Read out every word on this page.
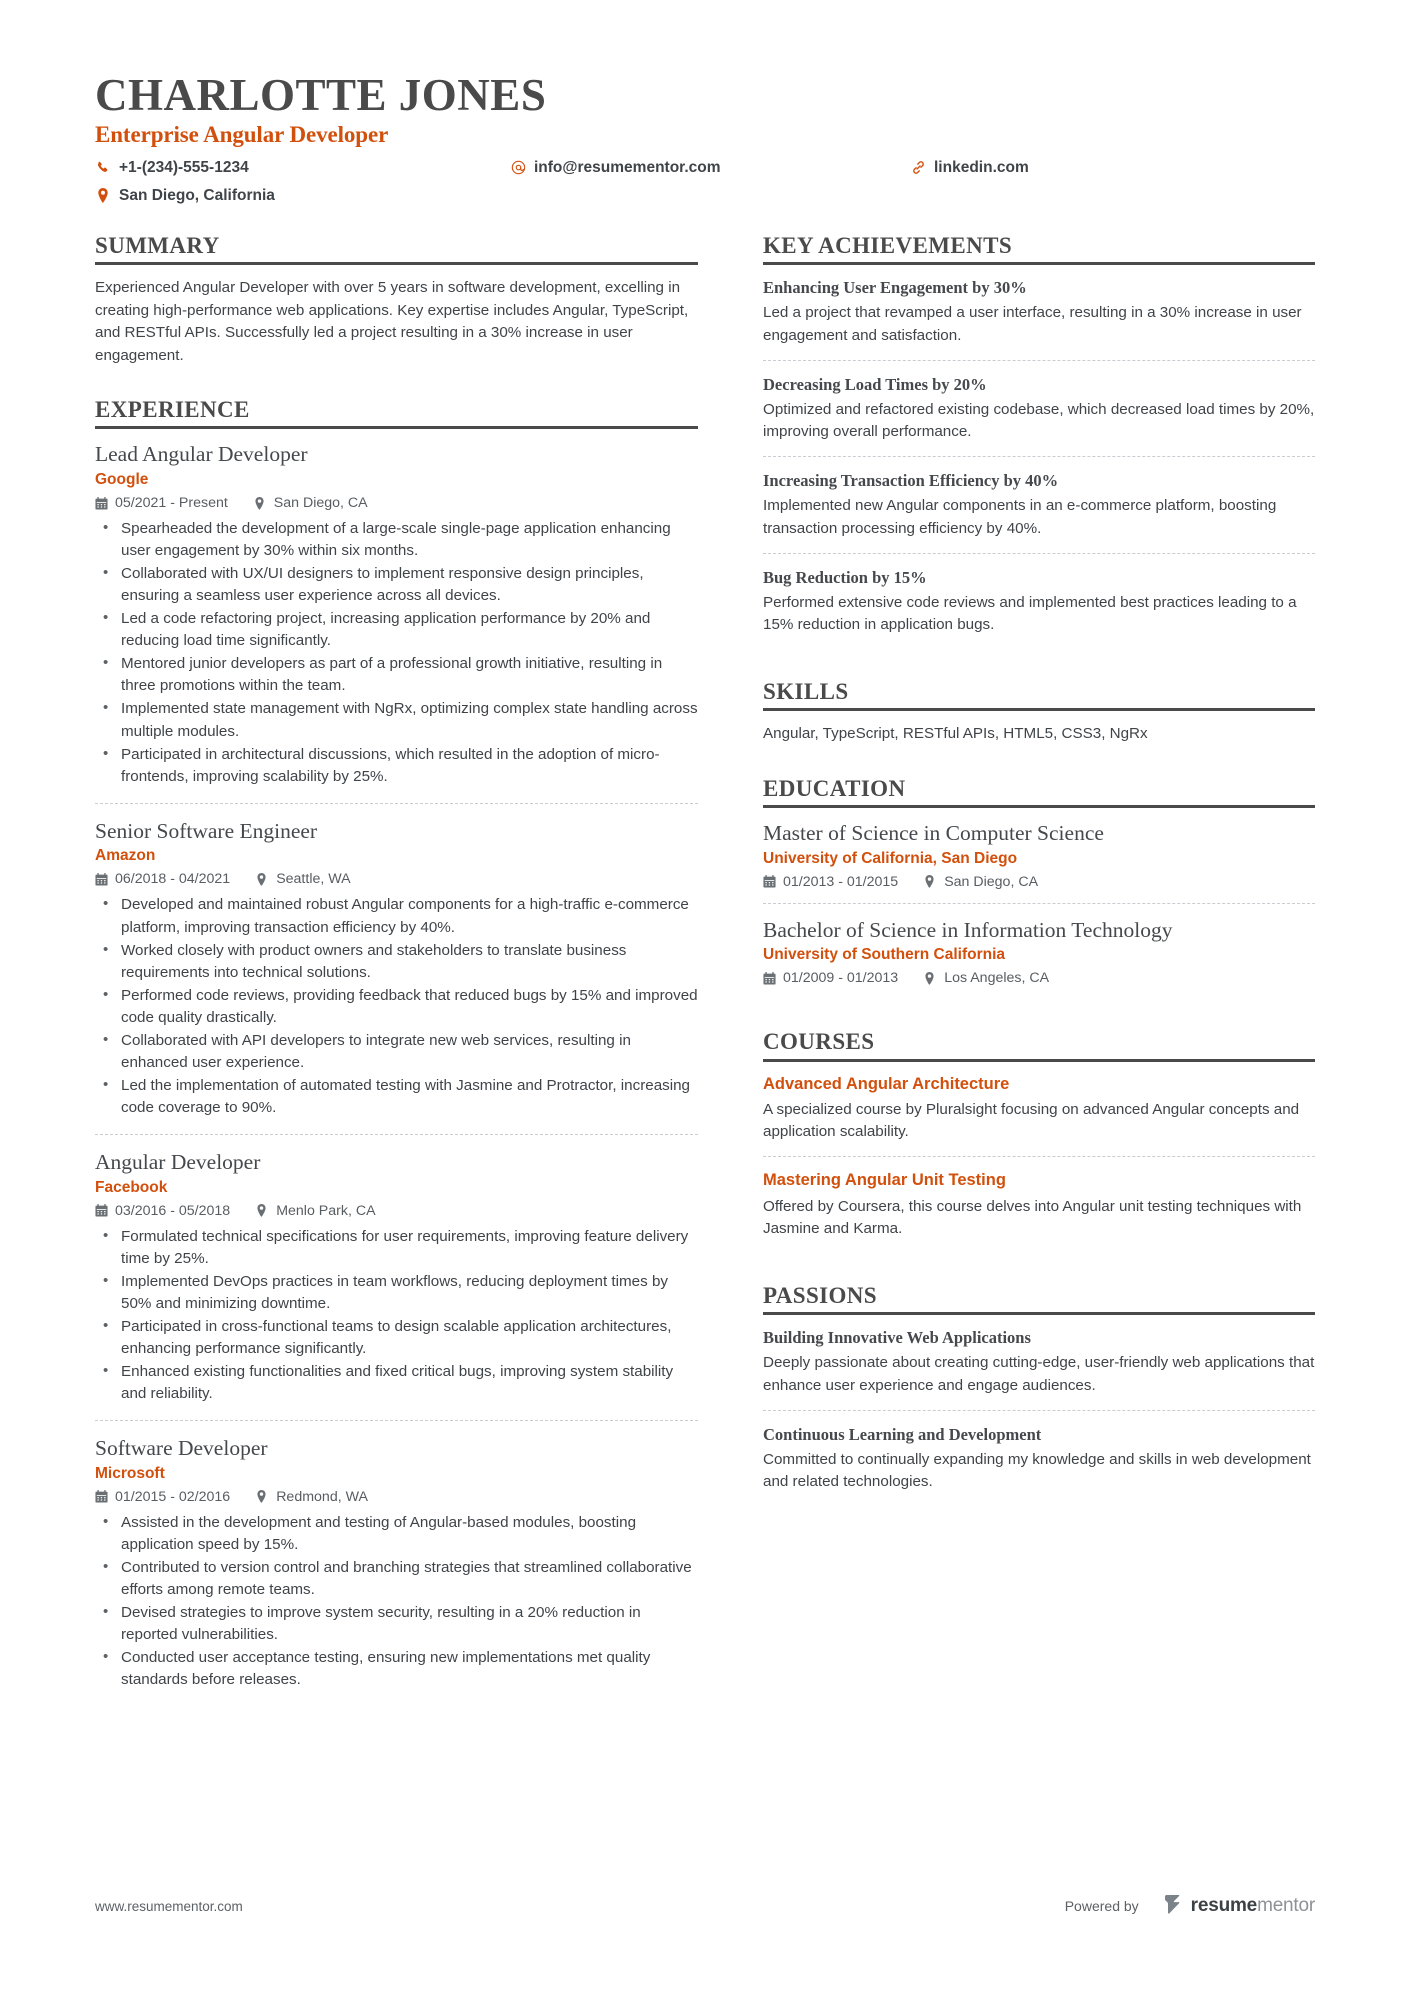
CHARLOTTE JONES
Enterprise Angular Developer
+1-(234)-555-1234	info@resumementor.com	linkedin.com
San Diego, California
SUMMARY

Experienced Angular Developer with over 5 years in software development, excelling in creating high-performance web applications. Key expertise includes Angular, TypeScript, and RESTful APIs. Successfully led a project resulting in a 30% increase in user engagement.

EXPERIENCE
Lead Angular Developer
Google
05/2021 - Present	San Diego, CA
• Spearheaded the development of a large-scale single-page application enhancing user engagement by 30% within six months.
• Collaborated with UX/UI designers to implement responsive design principles, ensuring a seamless user experience across all devices.
• Led a code refactoring project, increasing application performance by 20% and reducing load time significantly.
• Mentored junior developers as part of a professional growth initiative, resulting in three promotions within the team.
• Implemented state management with NgRx, optimizing complex state handling across multiple modules.
• Participated in architectural discussions, which resulted in the adoption of micro-frontends, improving scalability by 25%.
Senior Software Engineer
Amazon
06/2018 - 04/2021	Seattle, WA
• Developed and maintained robust Angular components for a high-traffic e-commerce platform, improving transaction efficiency by 40%.
• Worked closely with product owners and stakeholders to translate business requirements into technical solutions.
• Performed code reviews, providing feedback that reduced bugs by 15% and improved code quality drastically.
• Collaborated with API developers to integrate new web services, resulting in enhanced user experience.
• Led the implementation of automated testing with Jasmine and Protractor, increasing code coverage to 90%.
Angular Developer
Facebook
03/2016 - 05/2018	Menlo Park, CA
• Formulated technical specifications for user requirements, improving feature delivery time by 25%.
• Implemented DevOps practices in team workflows, reducing deployment times by 50% and minimizing downtime.
• Participated in cross-functional teams to design scalable application architectures, enhancing performance significantly.
• Enhanced existing functionalities and fixed critical bugs, improving system stability and reliability.
Software Developer
Microsoft
01/2015 - 02/2016	Redmond, WA
• Assisted in the development and testing of Angular-based modules, boosting application speed by 15%.
• Contributed to version control and branching strategies that streamlined collaborative efforts among remote teams.
• Devised strategies to improve system security, resulting in a 20% reduction in reported vulnerabilities.
• Conducted user acceptance testing, ensuring new implementations met quality standards before releases.
KEY ACHIEVEMENTS
Enhancing User Engagement by 30%
Led a project that revamped a user interface, resulting in a 30% increase in user engagement and satisfaction.
Decreasing Load Times by 20%
Optimized and refactored existing codebase, which decreased load times by 20%, improving overall performance.
Increasing Transaction Efficiency by 40%
Implemented new Angular components in an e-commerce platform, boosting transaction processing efficiency by 40%.
Bug Reduction by 15%
Performed extensive code reviews and implemented best practices leading to a 15% reduction in application bugs.
SKILLS

Angular, TypeScript, RESTful APIs, HTML5, CSS3, NgRx

EDUCATION
Master of Science in Computer Science
University of California, San Diego
01/2013 - 01/2015	San Diego, CA
Bachelor of Science in Information Technology
University of Southern California
01/2009 - 01/2013	Los Angeles, CA
COURSES
Advanced Angular Architecture
A specialized course by Pluralsight focusing on advanced Angular concepts and application scalability.
Mastering Angular Unit Testing
Offered by Coursera, this course delves into Angular unit testing techniques with Jasmine and Karma.
PASSIONS
Building Innovative Web Applications
Deeply passionate about creating cutting-edge, user-friendly web applications that enhance user experience and engage audiences.
Continuous Learning and Development
Committed to continually expanding my knowledge and skills in web development and related technologies.
www.resumementor.com	Powered by	resume mentor
